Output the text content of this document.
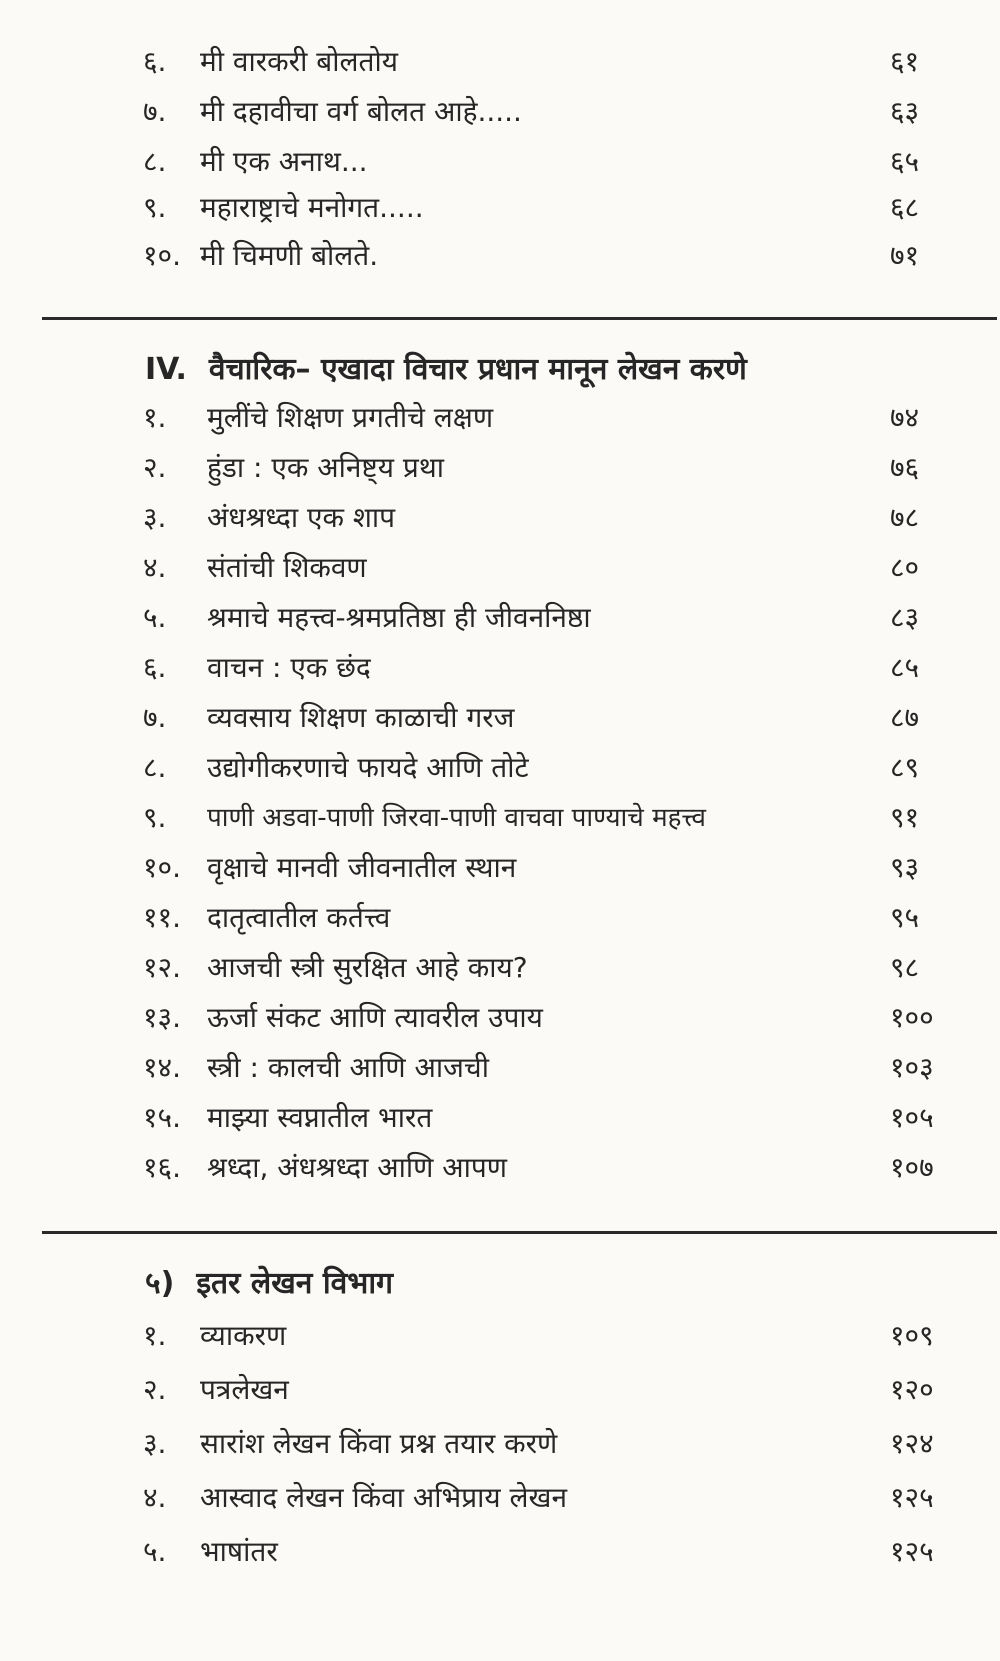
६. मी वारकरी बोलतोय	६१
७. मी दहावीचा वर्ग बोलत आहे.....	६३
८. मी एक अनाथ...	६५
९. महाराष्ट्राचे मनोगत.....	६८
१०. मी चिमणी बोलते.	७१
IV. वैचारिक– एखादा विचार प्रधान मानून लेखन करणे
१. मुलींचे शिक्षण प्रगतीचे लक्षण	७४
२. हुंडा : एक अनिष्ट्य प्रथा	७६
३. अंधश्रध्दा एक शाप	७८
४. संतांची शिकवण	८०
५. श्रमाचे महत्त्व-श्रमप्रतिष्ठा ही जीवननिष्ठा	८३
६. वाचन : एक छंद	८५
७. व्यवसाय शिक्षण काळाची गरज	८७
८. उद्योगीकरणाचे फायदे आणि तोटे	८९
९. पाणी अडवा-पाणी जिरवा-पाणी वाचवा पाण्याचे महत्त्व	९१
१०. वृक्षाचे मानवी जीवनातील स्थान	९३
११. दातृत्वातील कर्तत्त्व	९५
१२. आजची स्त्री सुरक्षित आहे काय?	९८
१३. ऊर्जा संकट आणि त्यावरील उपाय	१००
१४. स्त्री : कालची आणि आजची	१०३
१५. माझ्या स्वप्नातील भारत	१०५
१६. श्रध्दा, अंधश्रध्दा आणि आपण	१०७
५) इतर लेखन विभाग
१. व्याकरण	१०९
२. पत्रलेखन	१२०
३. सारांश लेखन किंवा प्रश्न तयार करणे	१२४
४. आस्वाद लेखन किंवा अभिप्राय लेखन	१२५
५. भाषांतर	१२५
